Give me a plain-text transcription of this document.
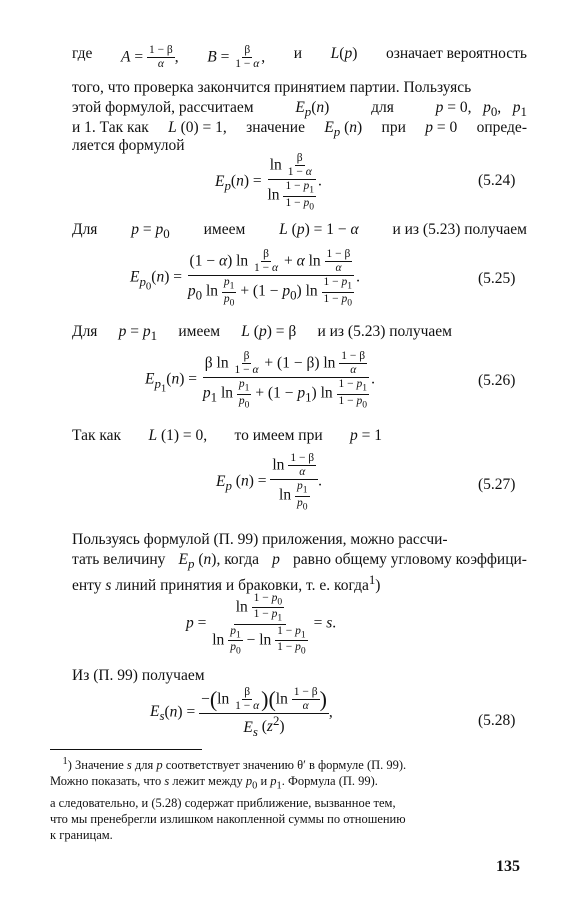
где $A = \frac{1 - \beta}{\alpha}$ , $B = \frac{\beta}{1 - \alpha}$ , и L(p) означает вероятность
того, что проверка закончится принятием партии. Пользуясь
этой формулой, рассчитаем	$E_p(n)$	для	p = 0,   $p_0$,   $p_1$
и 1. Так как L (0) = 1, значение $E_p$ (n) при p = 0 опреде-
ляется формулой
$E_p(n) = \frac{\ln \frac{\beta}{1 - \alpha}}{\ln \frac{1 - p_1}{1 - p_0}}$ .	(5.24)
Для $p = p_0$ имеем L (p) = 1 − α и из (5.23) получаем
$E_{p_0}(n) = \frac{(1 - \alpha) \ln \frac{\beta}{1 - \alpha} + \alpha \ln \frac{1 - \beta}{\alpha}}{p_0 \ln \frac{p_1}{p_0} + (1 - p_0) \ln \frac{1 - p_1}{1 - p_0}}$ .	(5.25)
Для $p = p_1$ имеем L (p) = β и из (5.23) получаем
$E_{p_1}(n) = \frac{\beta \ln \frac{\beta}{1 - \alpha} + (1 - \beta) \ln \frac{1 - \beta}{\alpha}}{p_1 \ln \frac{p_1}{p_0} + (1 - p_1) \ln \frac{1 - p_1}{1 - p_0}}$ .	(5.26)
Так как L (1) = 0, то имеем при p = 1
$E_p$ $(n) = \frac{\ln \frac{1 - \beta}{\alpha}}{\ln \frac{p_1}{p_0}}$ .	(5.27)
Пользуясь формулой (П. 99) приложения, можно рассчи-
тать величину $E_p$ (n), когда p равно общему угловому коэффици-
енту s линий принятия и браковки, т. е. когда$^1$)
$p = \frac{\ln \frac{1 - p_0}{1 - p_1}}{\ln \frac{p_1}{p_0} - \ln \frac{1 - p_1}{1 - p_0}} = s$.
Из (П. 99) получаем
$E_s(n) = \frac{-(\ln \frac{\beta}{1 - \alpha} )(\ln \frac{1 - \beta}{\alpha} )}{E_s (z^2)}$ ,
(5.28)
$^1$) Значение s для p соответствует значению θ′ в формуле (П. 99).
Можно показать, что s лежит между $p_0$ и $p_1$. Формула (П. 99).
а следовательно, и (5.28) содержат приближение, вызванное тем,
что мы пренебрегли излишком накопленной суммы по отношению
к границам.
135
